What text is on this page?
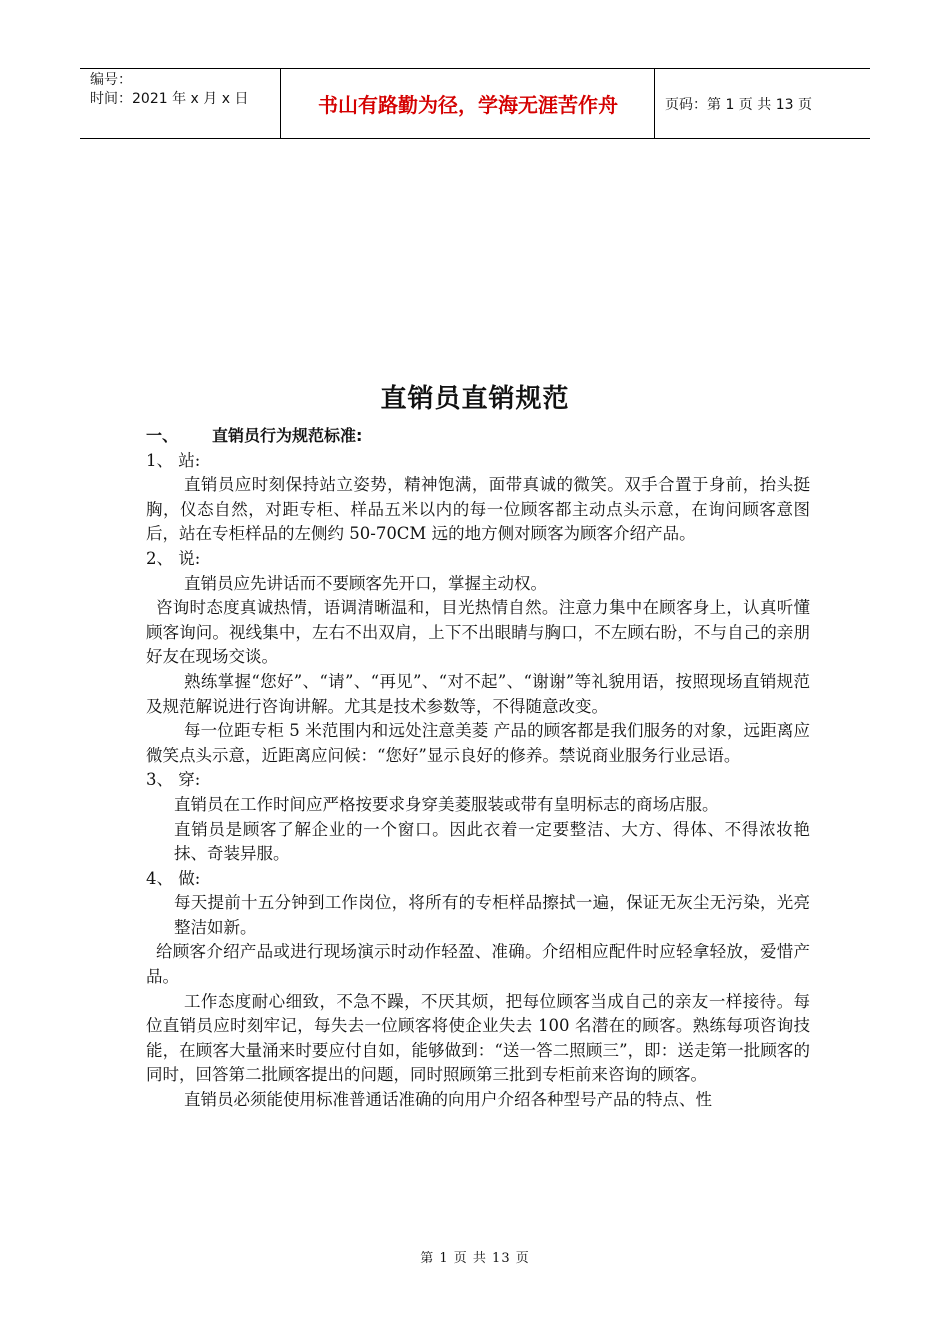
编号：
时间：2021 年 x 月 x 日	书山有路勤为径，学海无涯苦作舟	页码：第 1 页 共 13 页
直销员直销规范

一、 直销员行为规范标准:

1、 站:

直销员应时刻保持站立姿势，精神饱满，面带真诚的微笑。双手合置于身前，抬头挺胸，仪态自然，对距专柜、样品五米以内的每一位顾客都主动点头示意，在询问顾客意图后，站在专柜样品的左侧约 50-70CM 远的地方侧对顾客为顾客介绍产品。

2、 说:

直销员应先讲话而不要顾客先开口，掌握主动权。

咨询时态度真诚热情，语调清晰温和，目光热情自然。注意力集中在顾客身上，认真听懂顾客询问。视线集中，左右不出双肩，上下不出眼睛与胸口，不左顾右盼，不与自己的亲朋好友在现场交谈。

熟练掌握“您好”、“请”、“再见”、“对不起”、“谢谢”等礼貌用语，按照现场直销规范及规范解说进行咨询讲解。尤其是技术参数等，不得随意改变。

每一位距专柜 5 米范围内和远处注意美菱 产品的顾客都是我们服务的对象，远距离应微笑点头示意，近距离应问候：“您好”显示良好的修养。禁说商业服务行业忌语。

3、 穿:

直销员在工作时间应严格按要求身穿美菱服装或带有皇明标志的商场店服。

直销员是顾客了解企业的一个窗口。因此衣着一定要整洁、大方、得体、不得浓妆艳抹、奇装异服。

4、 做:

每天提前十五分钟到工作岗位，将所有的专柜样品擦拭一遍，保证无灰尘无污染，光亮整洁如新。

给顾客介绍产品或进行现场演示时动作轻盈、准确。介绍相应配件时应轻拿轻放，爱惜产品。

工作态度耐心细致，不急不躁，不厌其烦，把每位顾客当成自己的亲友一样接待。每位直销员应时刻牢记，每失去一位顾客将使企业失去 100 名潜在的顾客。熟练每项咨询技能，在顾客大量涌来时要应付自如，能够做到：“送一答二照顾三”，即：送走第一批顾客的同时，回答第二批顾客提出的问题，同时照顾第三批到专柜前来咨询的顾客。

直销员必须能使用标准普通话准确的向用户介绍各种型号产品的特点、性

第 1 页 共 13 页
